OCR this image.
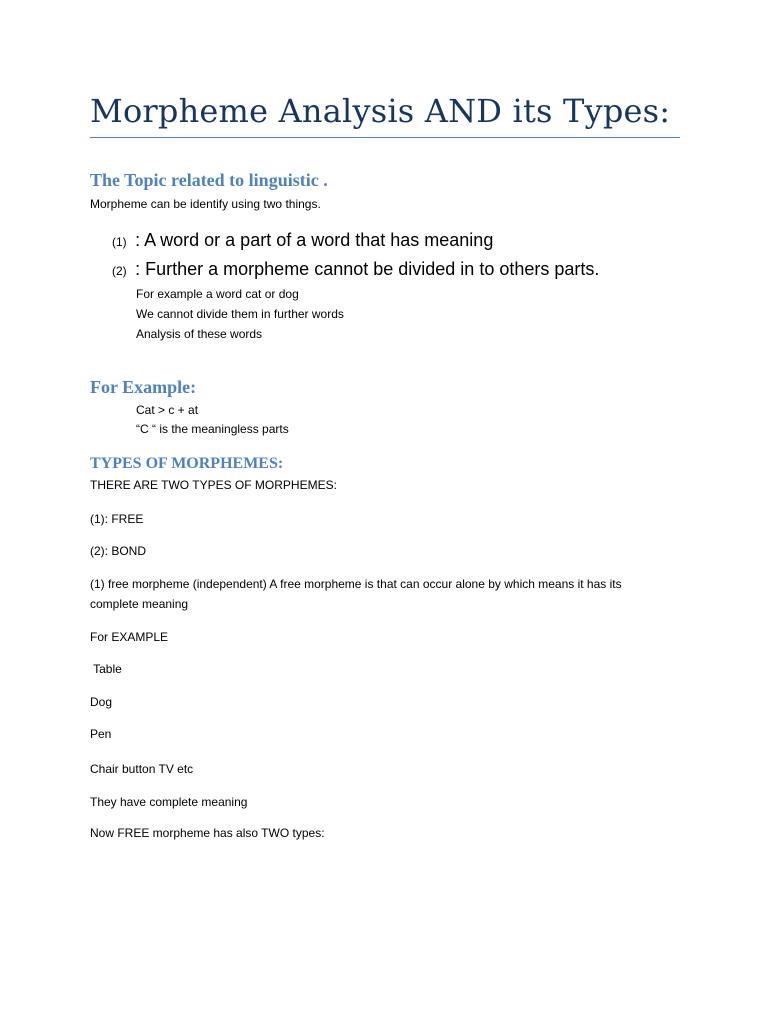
Morpheme Analysis AND its Types:
The Topic related to linguistic .
Morpheme can be identify using two things.
(1) : A word or a part of a word that has meaning
(2) : Further a morpheme cannot be divided in to others parts.
For example a word cat or dog
We cannot divide them in further words
Analysis of these words
For Example:
Cat > c + at
“C “ is the meaningless parts
TYPES OF MORPHEMES:
THERE ARE TWO TYPES OF MORPHEMES:
(1): FREE
(2): BOND
(1) free morpheme (independent) A free morpheme is that can occur alone by which means it has its
complete meaning
For EXAMPLE
Table
Dog
Pen
Chair button TV etc
They have complete meaning
Now FREE morpheme has also TWO types:
